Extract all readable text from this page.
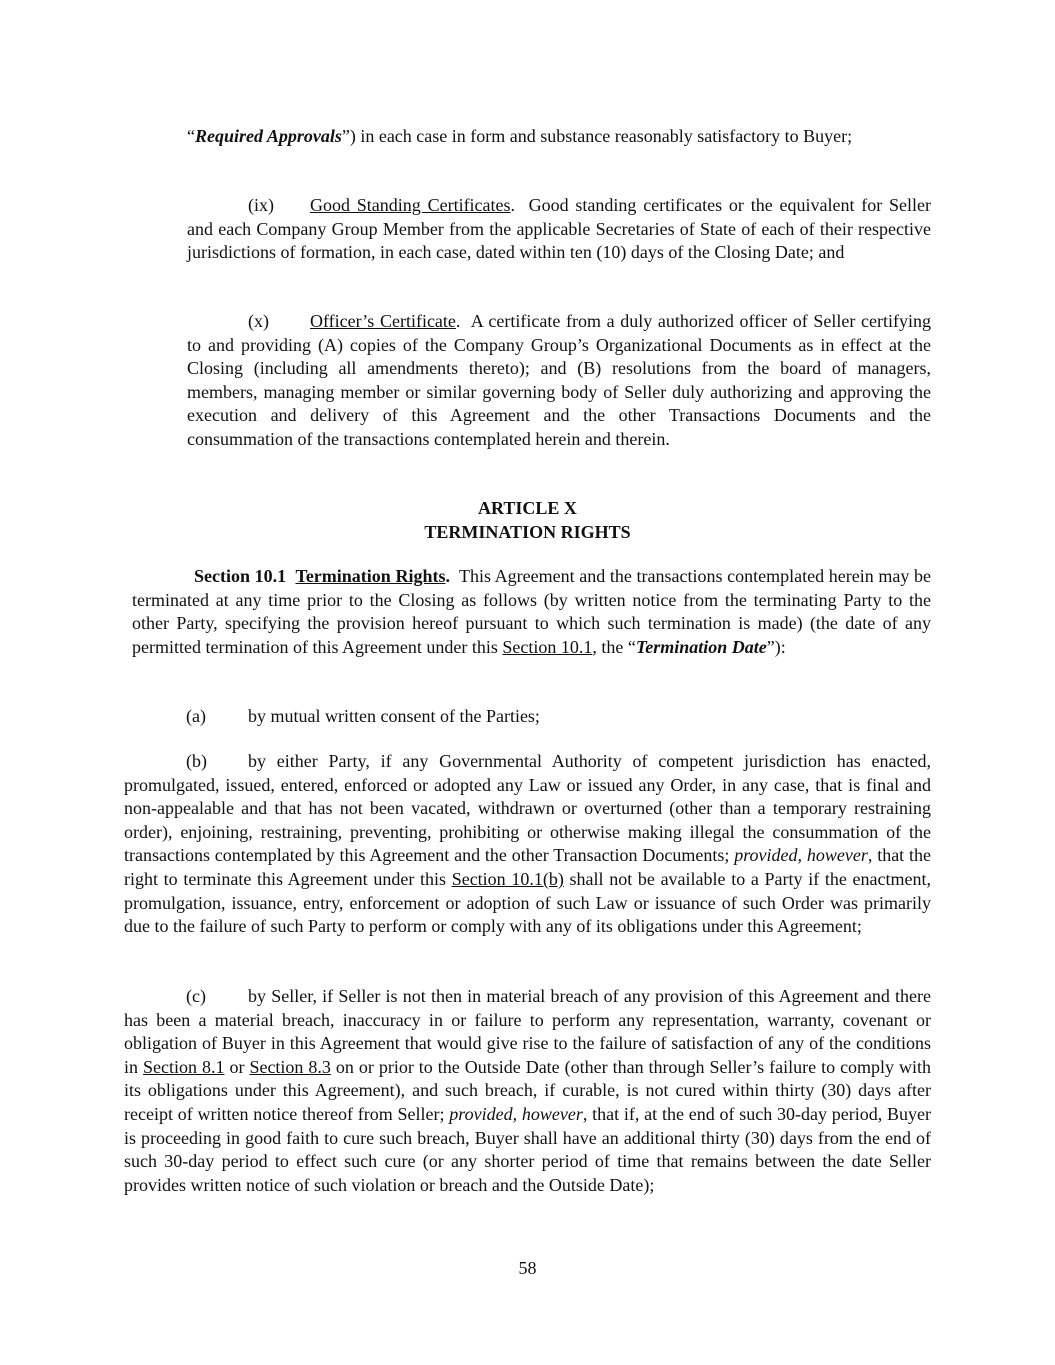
“Required Approvals”) in each case in form and substance reasonably satisfactory to Buyer;

(ix) Good Standing Certificates. Good standing certificates or the equivalent for Seller and each Company Group Member from the applicable Secretaries of State of each of their respective jurisdictions of formation, in each case, dated within ten (10) days of the Closing Date; and

(x) Officer’s Certificate. A certificate from a duly authorized officer of Seller certifying to and providing (A) copies of the Company Group’s Organizational Documents as in effect at the Closing (including all amendments thereto); and (B) resolutions from the board of managers, members, managing member or similar governing body of Seller duly authorizing and approving the execution and delivery of this Agreement and the other Transactions Documents and the consummation of the transactions contemplated herein and therein.

ARTICLE X

TERMINATION RIGHTS

Section 10.1 Termination Rights. This Agreement and the transactions contemplated herein may be terminated at any time prior to the Closing as follows (by written notice from the terminating Party to the other Party, specifying the provision hereof pursuant to which such termination is made) (the date of any permitted termination of this Agreement under this Section 10.1, the “Termination Date”):

(a) by mutual written consent of the Parties;

(b) by either Party, if any Governmental Authority of competent jurisdiction has enacted, promulgated, issued, entered, enforced or adopted any Law or issued any Order, in any case, that is final and non-appealable and that has not been vacated, withdrawn or overturned (other than a temporary restraining order), enjoining, restraining, preventing, prohibiting or otherwise making illegal the consummation of the transactions contemplated by this Agreement and the other Transaction Documents; provided, however, that the right to terminate this Agreement under this Section 10.1(b) shall not be available to a Party if the enactment, promulgation, issuance, entry, enforcement or adoption of such Law or issuance of such Order was primarily due to the failure of such Party to perform or comply with any of its obligations under this Agreement;

(c) by Seller, if Seller is not then in material breach of any provision of this Agreement and there has been a material breach, inaccuracy in or failure to perform any representation, warranty, covenant or obligation of Buyer in this Agreement that would give rise to the failure of satisfaction of any of the conditions in Section 8.1 or Section 8.3 on or prior to the Outside Date (other than through Seller’s failure to comply with its obligations under this Agreement), and such breach, if curable, is not cured within thirty (30) days after receipt of written notice thereof from Seller; provided, however, that if, at the end of such 30-day period, Buyer is proceeding in good faith to cure such breach, Buyer shall have an additional thirty (30) days from the end of such 30-day period to effect such cure (or any shorter period of time that remains between the date Seller provides written notice of such violation or breach and the Outside Date);

58
